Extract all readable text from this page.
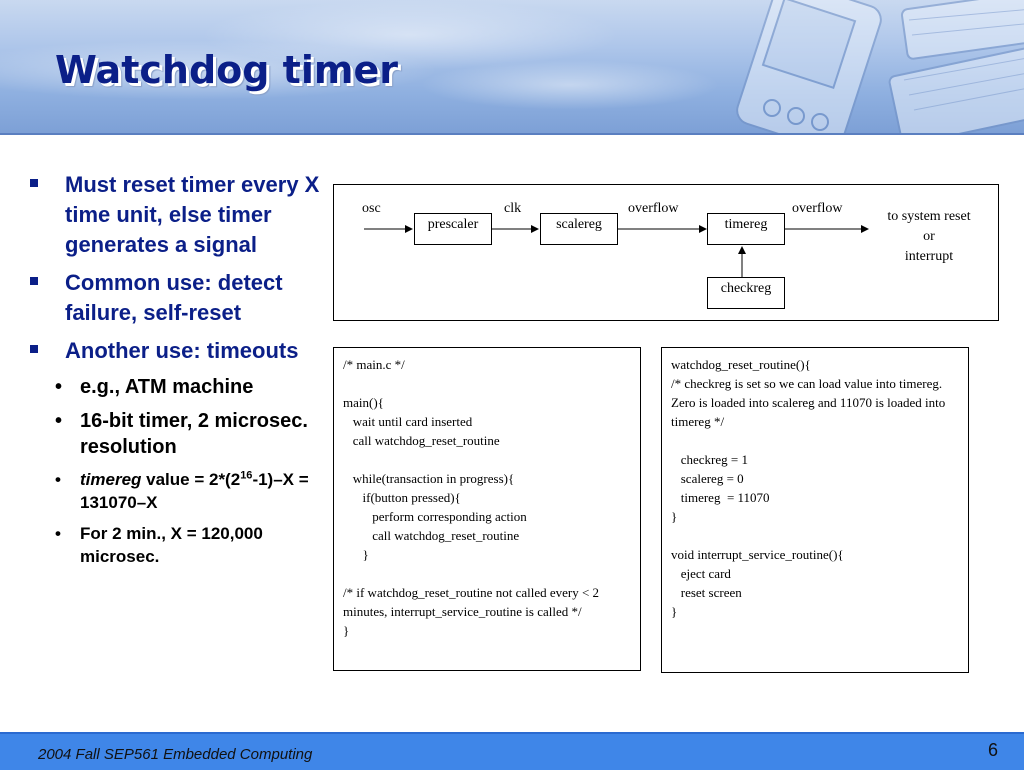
Watchdog timer
Must reset timer every X time unit, else timer generates a signal
Common use: detect failure, self-reset
Another use: timeouts
• e.g., ATM machine
• 16-bit timer, 2 microsec. resolution
• timereg value = $2*(2^{16}-1)-X = 131070-X$
• For 2 min., X = 120,000 microsec.
osc	clk	overflow	overflow
prescaler	scalereg	timereg
checkreg
to system reset
or
interrupt
/* main.c */
main(){
wait until card inserted
call watchdog_reset_routine
while(transaction in progress){
if(button pressed){
perform corresponding action
call watchdog_reset_routine
}
/* if watchdog_reset_routine not called every < 2 minutes, interrupt_service_routine is called */
}
watchdog_reset_routine(){
/* checkreg is set so we can load value into timereg.  Zero is loaded into scalereg and 11070 is loaded into timereg */
checkreg = 1
scalereg = 0
timereg  = 11070
}
void interrupt_service_routine(){
eject card
reset screen
}
2004 Fall SEP561 Embedded Computing	6
